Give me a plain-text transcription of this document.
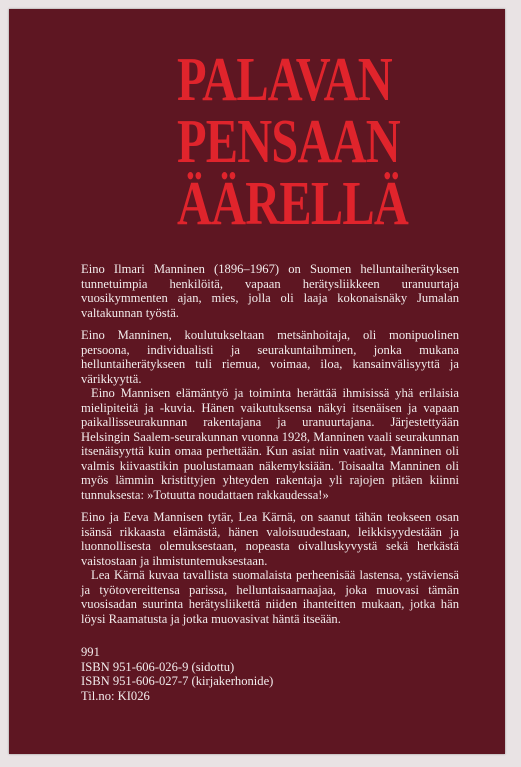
PALAVAN
PENSAAN
ÄÄRELLÄ

Eino Ilmari Manninen (1896–1967) on Suomen helluntaiherätyksen tunnetuimpia henkilöitä, vapaan herätysliikkeen uranuurtaja vuosikymmenten ajan, mies, jolla oli laaja kokonaisnäky Jumalan valtakunnan työstä.

Eino Manninen, koulutukseltaan metsänhoitaja, oli monipuolinen persoona, individualisti ja seurakuntaihminen, jonka mukana helluntaiherätykseen tuli riemua, voimaa, iloa, kansainvälisyyttä ja värikkyyttä.

Eino Mannisen elämäntyö ja toiminta herättää ihmisissä yhä erilaisia mielipiteitä ja -kuvia. Hänen vaikutuksensa näkyi itsenäisen ja vapaan paikallisseurakunnan rakentajana ja uranuurtajana. Järjestettyään Helsingin Saalem-seurakunnan vuonna 1928, Manninen vaali seurakunnan itsenäisyyttä kuin omaa perhettään. Kun asiat niin vaativat, Manninen oli valmis kiivaastikin puolustamaan näkemyksiään. Toisaalta Manninen oli myös lämmin kristittyjen yhteyden rakentaja yli rajojen pitäen kiinni tunnuksesta: »Totuutta noudattaen rakkaudessa!»

Eino ja Eeva Mannisen tytär, Lea Kärnä, on saanut tähän teokseen osan isänsä rikkaasta elämästä, hänen valoisuudestaan, leikkisyydestään ja luonnollisesta olemuksestaan, nopeasta oivalluskyvystä sekä herkästä vaistostaan ja ihmistuntemuksestaan.

Lea Kärnä kuvaa tavallista suomalaista perheenisää lastensa, ystäviensä ja työtovereittensa parissa, helluntaisaarnaajaa, joka muovasi tämän vuosisadan suurinta herätysliikettä niiden ihanteitten mukaan, jotka hän löysi Raamatusta ja jotka muovasivat häntä itseään.

991
ISBN 951-606-026-9 (sidottu)
ISBN 951-606-027-7 (kirjakerhonide)
Til.no: KI026
